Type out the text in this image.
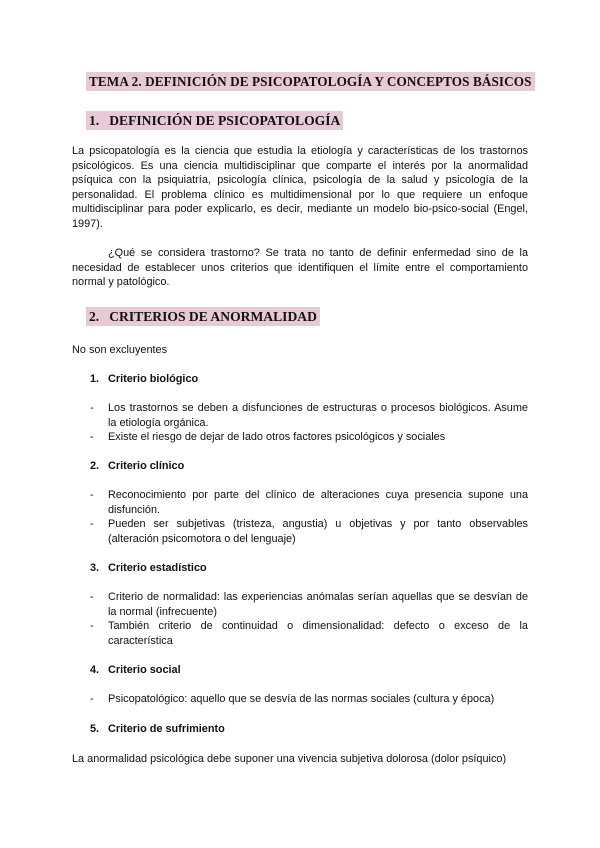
TEMA 2. DEFINICIÓN DE PSICOPATOLOGÍA Y CONCEPTOS BÁSICOS
1. DEFINICIÓN DE PSICOPATOLOGÍA
La psicopatología es la ciencia que estudia la etiología y características de los trastornos psicológicos. Es una ciencia multidisciplinar que comparte el interés por la anormalidad psíquica con la psiquiatría, psicología clínica, psicología de la salud y psicología de la personalidad. El problema clínico es multidimensional por lo que requiere un enfoque multidisciplinar para poder explicarlo, es decir, mediante un modelo bio-psico-social (Engel, 1997).
¿Qué se considera trastorno? Se trata no tanto de definir enfermedad sino de la necesidad de establecer unos criterios que identifiquen el límite entre el comportamiento normal y patológico.
2. CRITERIOS DE ANORMALIDAD
No son excluyentes
1. Criterio biológico
- Los trastornos se deben a disfunciones de estructuras o procesos biológicos. Asume la etiología orgánica.
- Existe el riesgo de dejar de lado otros factores psicológicos y sociales
2. Criterio clínico
- Reconocimiento por parte del clínico de alteraciones cuya presencia supone una disfunción.
- Pueden ser subjetivas (tristeza, angustia) u objetivas y por tanto observables (alteración psicomotora o del lenguaje)
3. Criterio estadístico
- Criterio de normalidad: las experiencias anómalas serían aquellas que se desvían de la normal (infrecuente)
- También criterio de continuidad o dimensionalidad: defecto o exceso de la característica
4. Criterio social
- Psicopatológico: aquello que se desvía de las normas sociales (cultura y época)
5. Criterio de sufrimiento
La anormalidad psicológica debe suponer una vivencia subjetiva dolorosa (dolor psíquico)
